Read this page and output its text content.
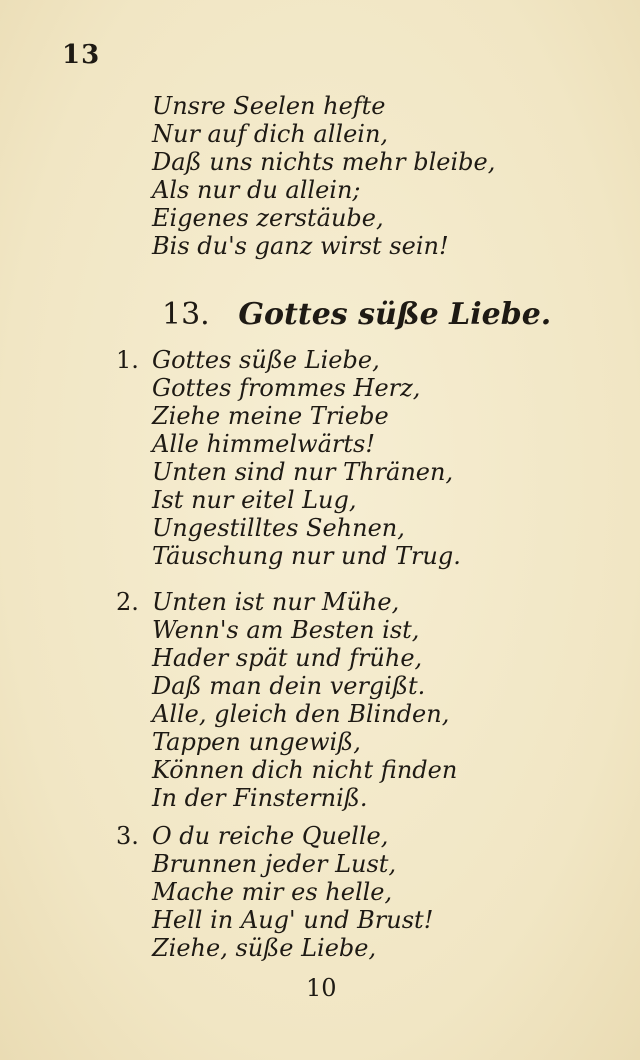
13
Unsre Seelen hefte
Nur auf dich allein,
Daß uns nichts mehr bleibe,
Als nur du allein;
Eigenes zerstäube,
Bis du's ganz wirst sein!
13. Gottes süße Liebe.
1. Gottes süße Liebe,
Gottes frommes Herz,
Ziehe meine Triebe
Alle himmelwärts!
Unten sind nur Thränen,
Ist nur eitel Lug,
Ungestilltes Sehnen,
Täuschung nur und Trug.
2. Unten ist nur Mühe,
Wenn's am Besten ist,
Hader spät und frühe,
Daß man dein vergißt.
Alle, gleich den Blinden,
Tappen ungewiß,
Können dich nicht finden
In der Finsterniß.
3. O du reiche Quelle,
Brunnen jeder Lust,
Mache mir es helle,
Hell in Aug' und Brust!
Ziehe, süße Liebe,
10
